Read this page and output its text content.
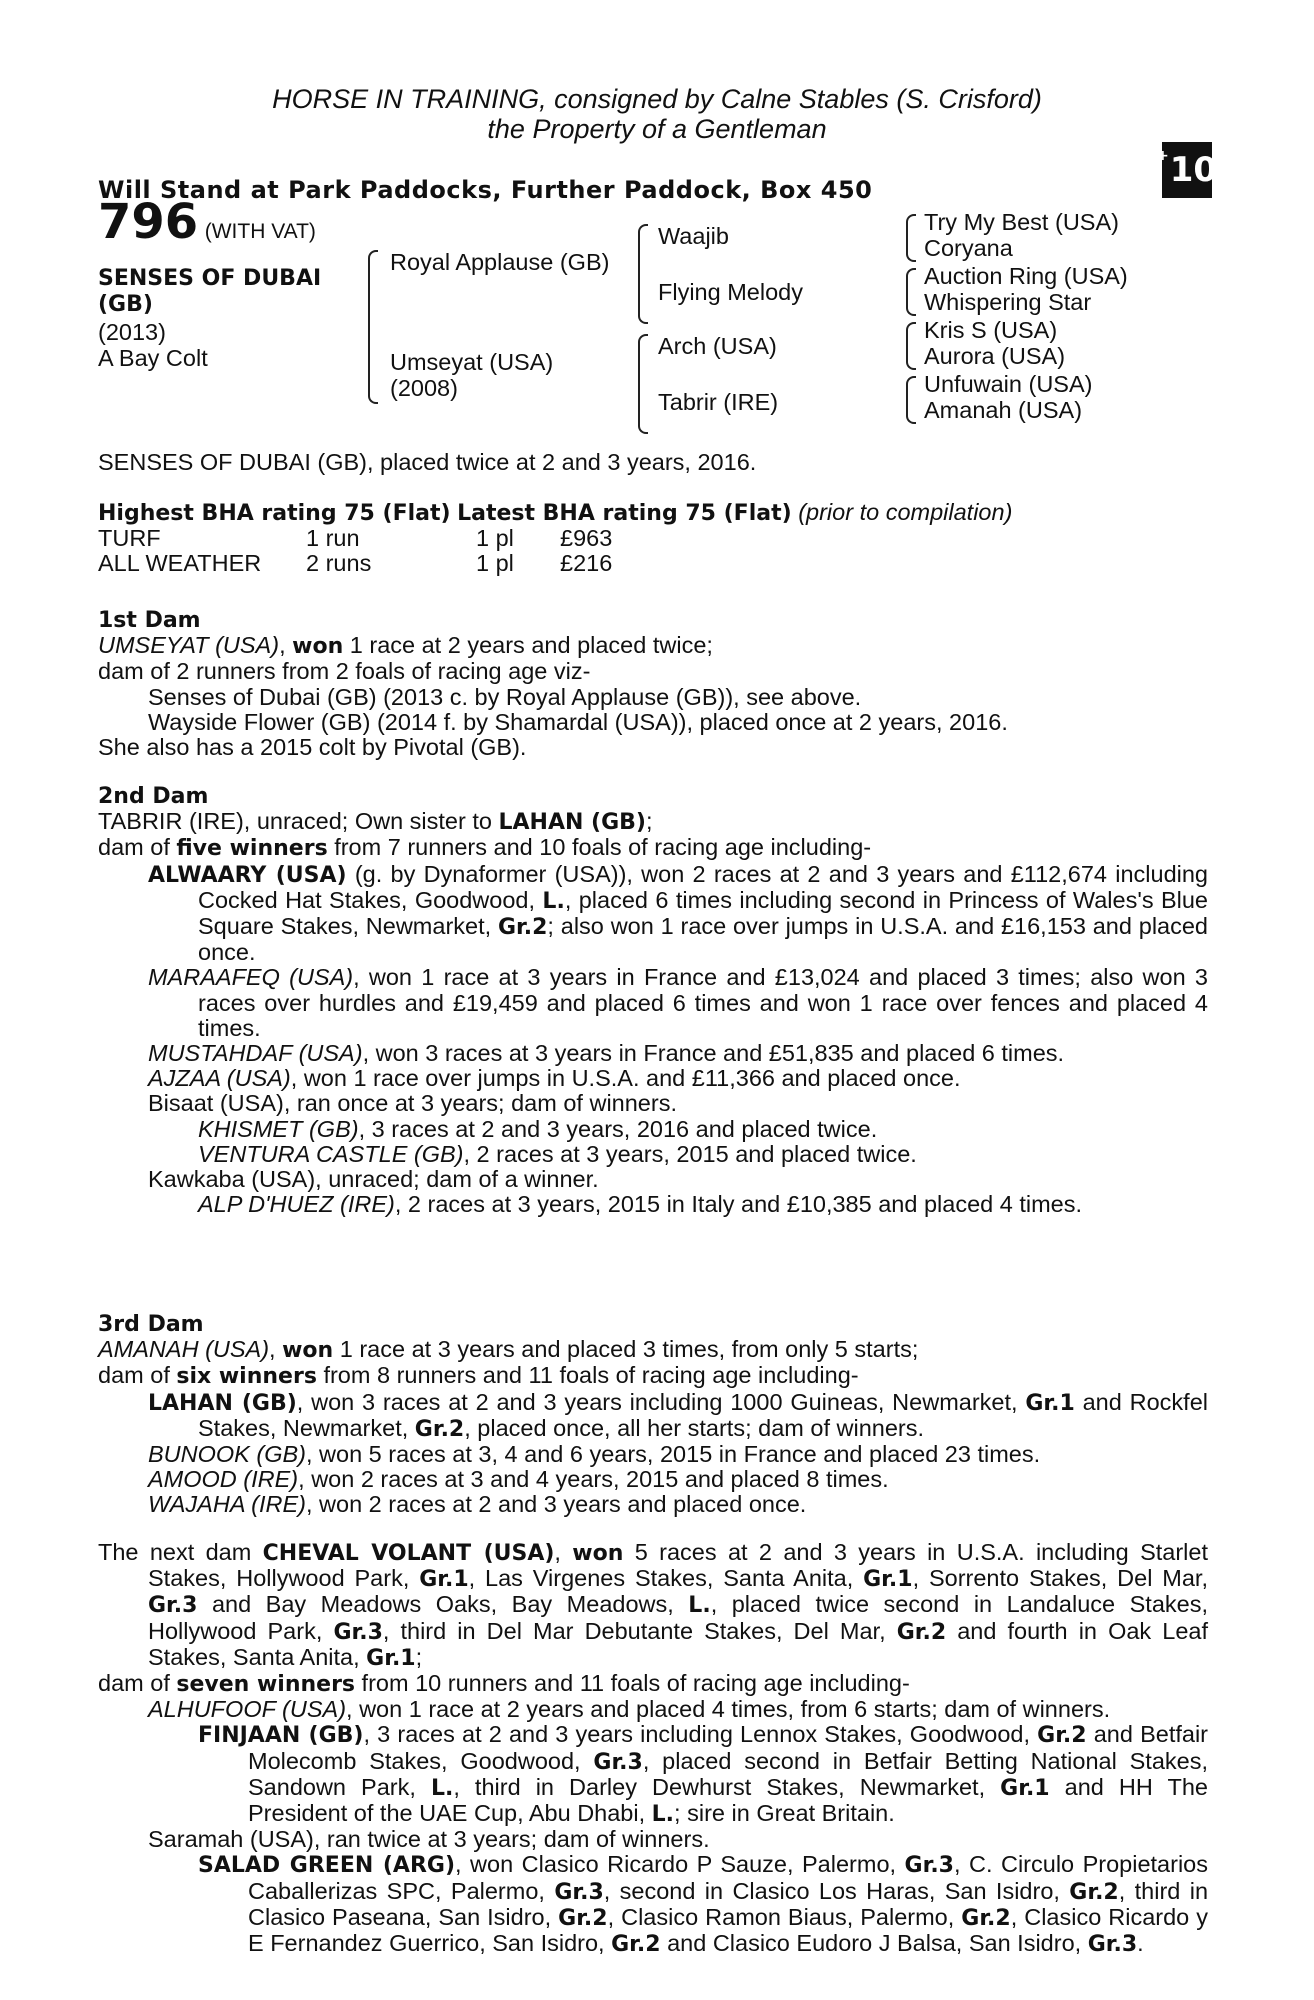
HORSE IN TRAINING, consigned by Calne Stables (S. Crisford)
the Property of a Gentleman
+ 10
Will Stand at Park Paddocks, Further Paddock, Box 450
796 (WITH VAT)
SENSES OF DUBAI
(GB)
(2013)
A Bay Colt
Royal Applause (GB)
Umseyat (USA)
(2008)
Waajib
Flying Melody
Arch (USA)
Tabrir (IRE)
Try My Best (USA)
Coryana
Auction Ring (USA)
Whispering Star
Kris S (USA)
Aurora (USA)
Unfuwain (USA)
Amanah (USA)
SENSES OF DUBAI (GB), placed twice at 2 and 3 years, 2016.
Highest BHA rating 75 (Flat) Latest BHA rating 75 (Flat) (prior to compilation)
TURF	1 run	1 pl £963
ALL WEATHER 2 runs	1 pl £216

1st Dam

UMSEYAT (USA), won 1 race at 2 years and placed twice;

dam of 2 runners from 2 foals of racing age viz-

Senses of Dubai (GB) (2013 c. by Royal Applause (GB)), see above.

Wayside Flower (GB) (2014 f. by Shamardal (USA)), placed once at 2 years, 2016.

She also has a 2015 colt by Pivotal (GB).

2nd Dam

TABRIR (IRE), unraced; Own sister to LAHAN (GB);

dam of five winners from 7 runners and 10 foals of racing age including-

ALWAARY (USA) (g. by Dynaformer (USA)), won 2 races at 2 and 3 years and £112,674 including Cocked Hat Stakes, Goodwood, L., placed 6 times including second in Princess of Wales's Blue Square Stakes, Newmarket, Gr.2; also won 1 race over jumps in U.S.A. and £16,153 and placed once.

MARAAFEQ (USA), won 1 race at 3 years in France and £13,024 and placed 3 times; also won 3 races over hurdles and £19,459 and placed 6 times and won 1 race over fences and placed 4 times.

MUSTAHDAF (USA), won 3 races at 3 years in France and £51,835 and placed 6 times.

AJZAA (USA), won 1 race over jumps in U.S.A. and £11,366 and placed once.

Bisaat (USA), ran once at 3 years; dam of winners.

KHISMET (GB), 3 races at 2 and 3 years, 2016 and placed twice.

VENTURA CASTLE (GB), 2 races at 3 years, 2015 and placed twice.

Kawkaba (USA), unraced; dam of a winner.

ALP D'HUEZ (IRE), 2 races at 3 years, 2015 in Italy and £10,385 and placed 4 times.

3rd Dam

AMANAH (USA), won 1 race at 3 years and placed 3 times, from only 5 starts;

dam of six winners from 8 runners and 11 foals of racing age including-

LAHAN (GB), won 3 races at 2 and 3 years including 1000 Guineas, Newmarket, Gr.1 and Rockfel Stakes, Newmarket, Gr.2, placed once, all her starts; dam of winners.

BUNOOK (GB), won 5 races at 3, 4 and 6 years, 2015 in France and placed 23 times.

AMOOD (IRE), won 2 races at 3 and 4 years, 2015 and placed 8 times.

WAJAHA (IRE), won 2 races at 2 and 3 years and placed once.

The next dam CHEVAL VOLANT (USA), won 5 races at 2 and 3 years in U.S.A. including Starlet Stakes, Hollywood Park, Gr.1, Las Virgenes Stakes, Santa Anita, Gr.1, Sorrento Stakes, Del Mar, Gr.3 and Bay Meadows Oaks, Bay Meadows, L., placed twice second in Landaluce Stakes, Hollywood Park, Gr.3, third in Del Mar Debutante Stakes, Del Mar, Gr.2 and fourth in Oak Leaf Stakes, Santa Anita, Gr.1;

dam of seven winners from 10 runners and 11 foals of racing age including-

ALHUFOOF (USA), won 1 race at 2 years and placed 4 times, from 6 starts; dam of winners.

FINJAAN (GB), 3 races at 2 and 3 years including Lennox Stakes, Goodwood, Gr.2 and Betfair Molecomb Stakes, Goodwood, Gr.3, placed second in Betfair Betting National Stakes, Sandown Park, L., third in Darley Dewhurst Stakes, Newmarket, Gr.1 and HH The President of the UAE Cup, Abu Dhabi, L.; sire in Great Britain.

Saramah (USA), ran twice at 3 years; dam of winners.

SALAD GREEN (ARG), won Clasico Ricardo P Sauze, Palermo, Gr.3, C. Circulo Propietarios Caballerizas SPC, Palermo, Gr.3, second in Clasico Los Haras, San Isidro, Gr.2, third in Clasico Paseana, San Isidro, Gr.2, Clasico Ramon Biaus, Palermo, Gr.2, Clasico Ricardo y E Fernandez Guerrico, San Isidro, Gr.2 and Clasico Eudoro J Balsa, San Isidro, Gr.3.
